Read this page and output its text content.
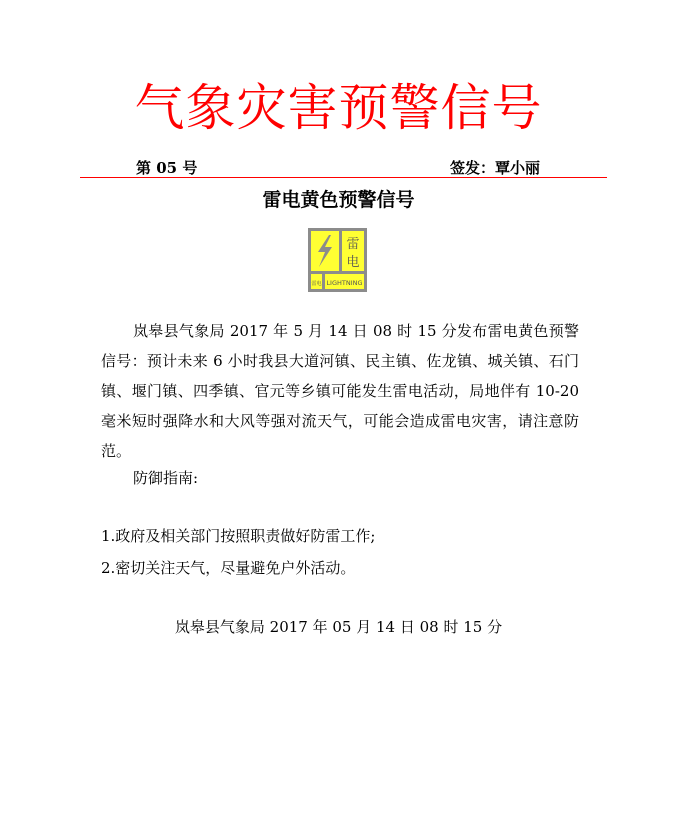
气象灾害预警信号
第 05 号	签发：覃小丽
雷电黄色预警信号
雷
电
雷电 LIGHTNING
岚皋县气象局 2017 年 5 月 14 日 08 时 15 分发布雷电黄色预警信号：预计未来 6 小时我县大道河镇、民主镇、佐龙镇、城关镇、石门镇、堰门镇、四季镇、官元等乡镇可能发生雷电活动，局地伴有 10-20 毫米短时强降水和大风等强对流天气，可能会造成雷电灾害，请注意防范。
防御指南:
1.政府及相关部门按照职责做好防雷工作;
2.密切关注天气，尽量避免户外活动。
岚皋县气象局 2017 年 05 月 14 日 08 时 15 分
